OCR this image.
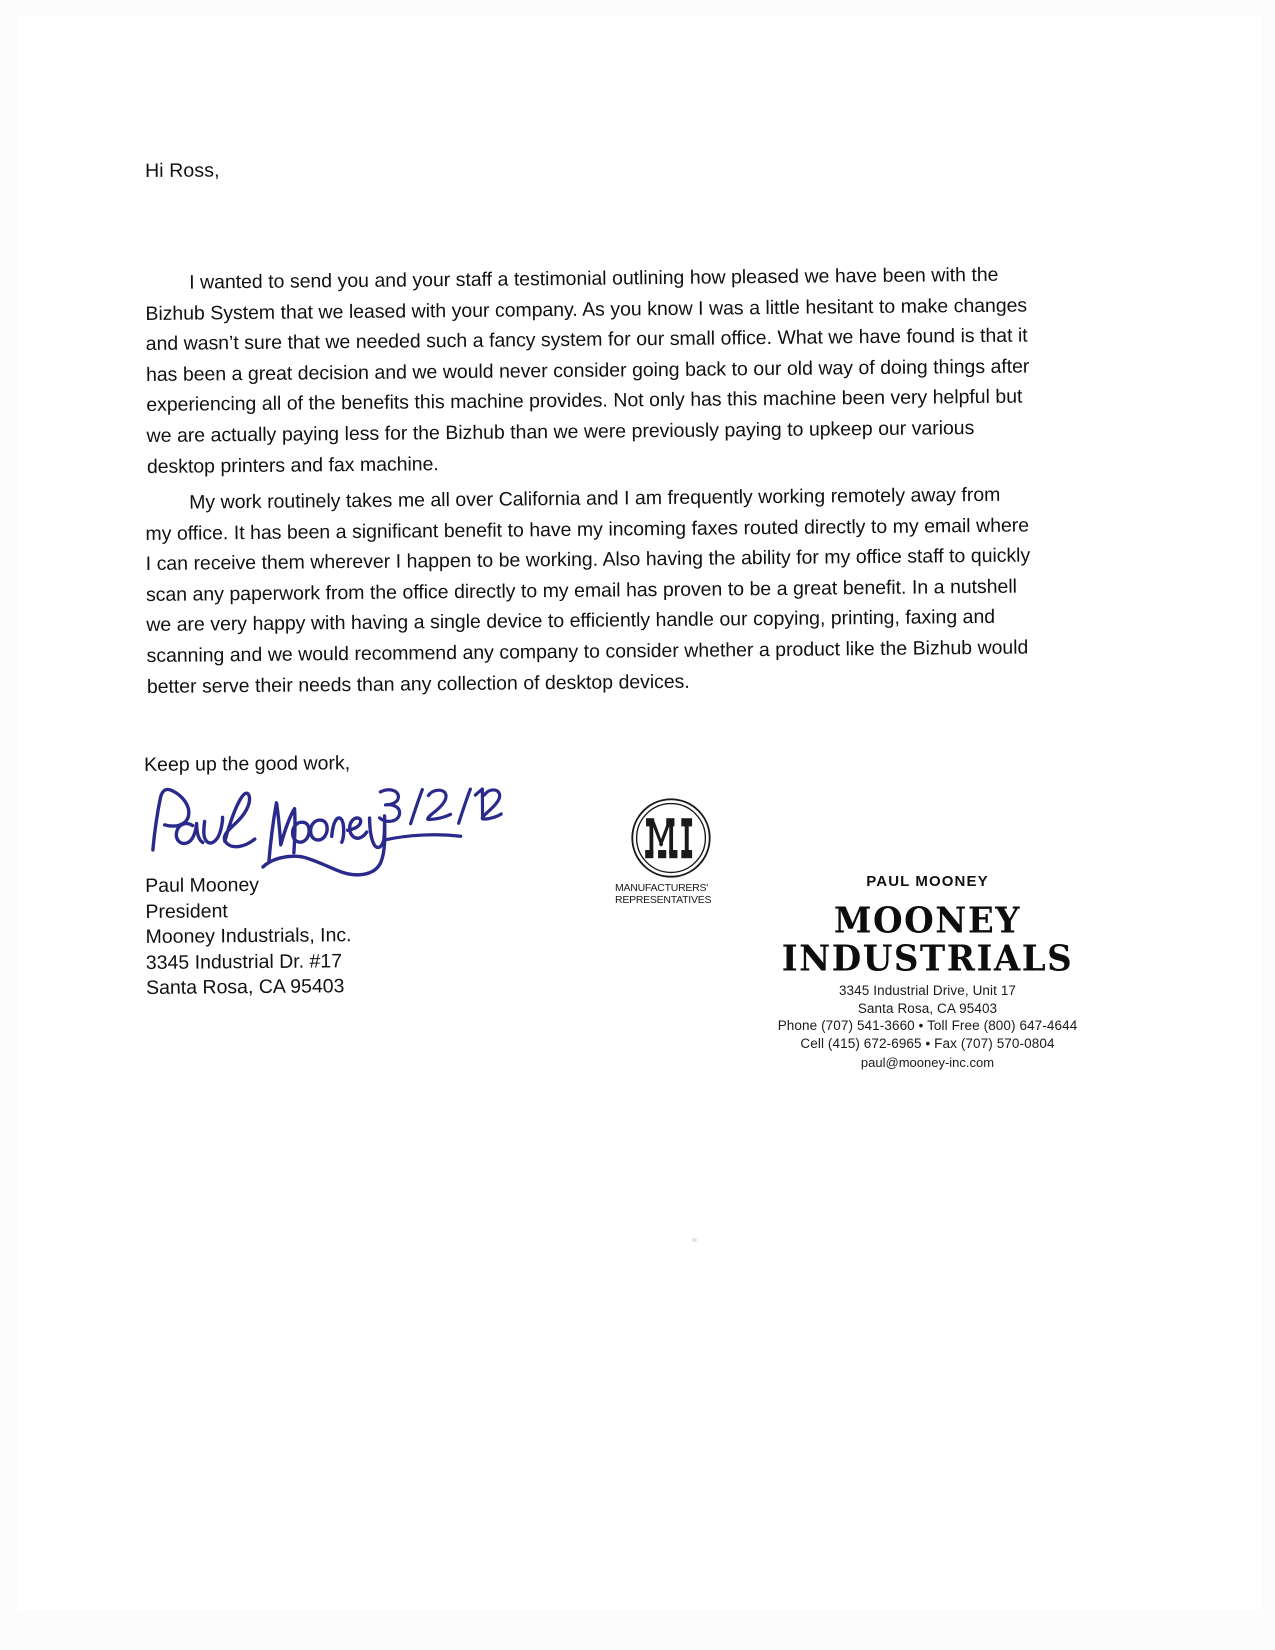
Hi Ross,

I wanted to send you and your staff a testimonial outlining how pleased we have been with the Bizhub System that we leased with your company. As you know I was a little hesitant to make changes and wasn’t sure that we needed such a fancy system for our small office. What we have found is that it has been a great decision and we would never consider going back to our old way of doing things after experiencing all of the benefits this machine provides. Not only has this machine been very helpful but we are actually paying less for the Bizhub than we were previously paying to upkeep our various desktop printers and fax machine.

My work routinely takes me all over California and I am frequently working remotely away from my office. It has been a significant benefit to have my incoming faxes routed directly to my email where I can receive them wherever I happen to be working. Also having the ability for my office staff to quickly scan any paperwork from the office directly to my email has proven to be a great benefit. In a nutshell we are very happy with having a single device to efficiently handle our copying, printing, faxing and scanning and we would recommend any company to consider whether a product like the Bizhub would better serve their needs than any collection of desktop devices.

Keep up the good work,

Paul Mooney

President

Mooney Industrials, Inc.

3345 Industrial Dr. #17

Santa Rosa, CA 95403

MANUFACTURERS'
REPRESENTATIVES

PAUL MOONEY

MOONEY INDUSTRIALS

3345 Industrial Drive, Unit 17

Santa Rosa, CA 95403

Phone (707) 541-3660 • Toll Free (800) 647-4644

Cell (415) 672-6965 • Fax (707) 570-0804

paul@mooney-inc.com
